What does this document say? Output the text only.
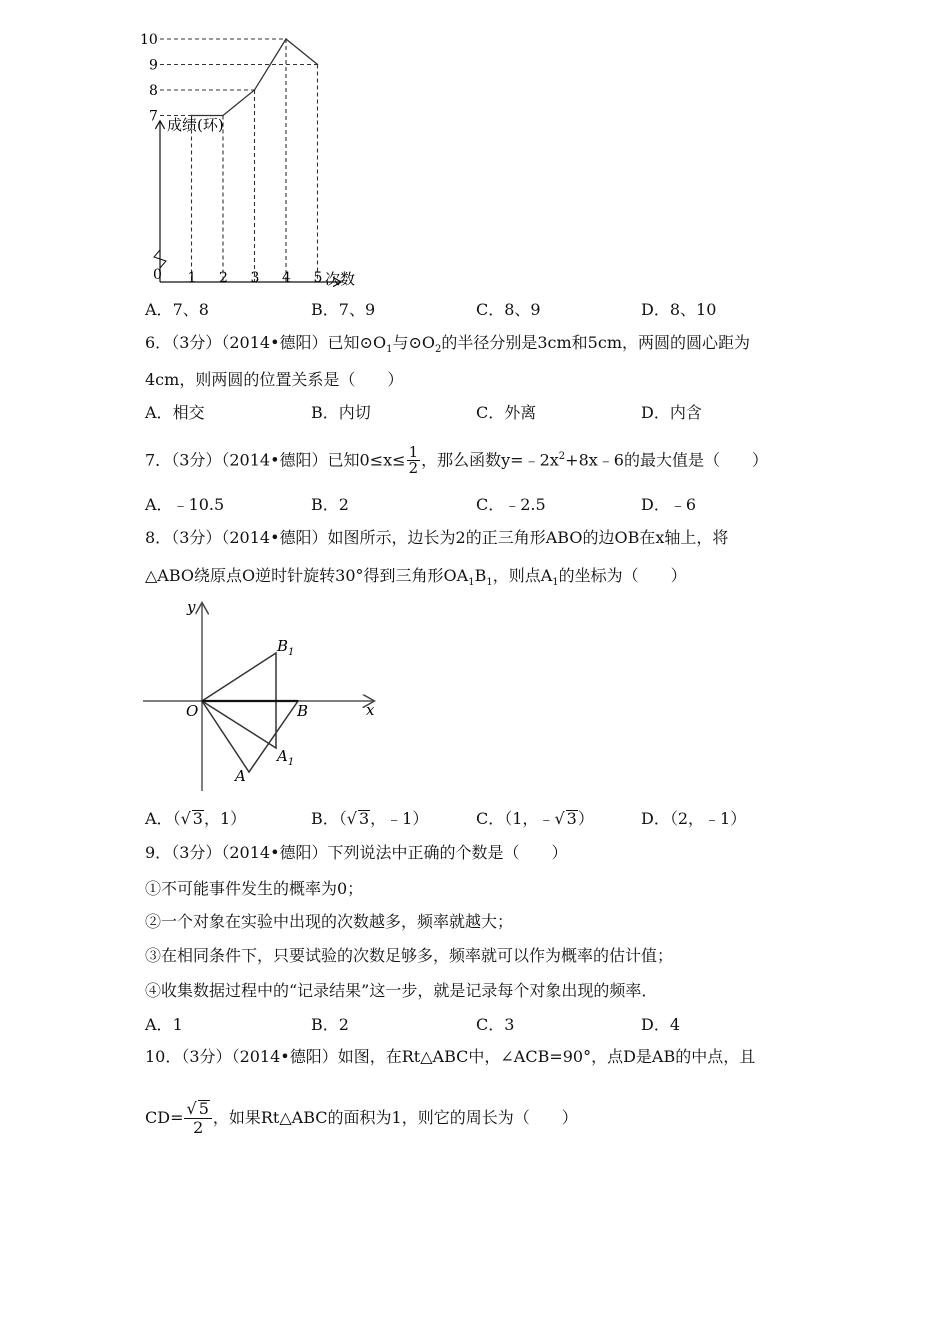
1 2 3 4 5
7
8
9
10
成绩(环)
次数
0
A．7、8	B．7、9	C．8、9	D．8、10
6．（3分）（2014•德阳）已知$⊙O_1$与$⊙O_2$的半径分别是3cm和5cm，两圆的圆心距为
4cm，则两圆的位置关系是（　　）
A．相交	B．内切	C．外离	D．内含
7．（3分）（2014•德阳）已知$0\le x\le \frac{1}{2}$ ，那么函数$y=﹣2x^2+8x﹣6$的最大值是（　　）
A．﹣10.5	B．2	C．﹣2.5	D．﹣6
8．（3分）（2014•德阳）如图所示，边长为2的正三角形ABO的边OB在x轴上，将
△ABO绕原点O逆时针旋转30°得到三角形$OA_1B_1$，则点$A_1$的坐标为（　　）
y
x
O	B
A
$A_1$
$B_1$
A．（√ 3，1）	B．（√ 3，﹣1）	C．（1，﹣√ 3）	D．（2，﹣1）
9．（3分）（2014•德阳）下列说法中正确的个数是（　　）
①不可能事件发生的概率为0；
②一个对象在实验中出现的次数越多，频率就越大；
③在相同条件下，只要试验的次数足够多，频率就可以作为概率的估计值；
④收集数据过程中的“记录结果”这一步，就是记录每个对象出现的频率．
A．1	B．2	C．3	D．4
10．（3分）（2014•德阳）如图，在Rt△ABC中，∠ACB=90°，点D是AB的中点，且
$CD= \frac{√ 5}{2}$ ，如果Rt△ABC的面积为1，则它的周长为（　　）
